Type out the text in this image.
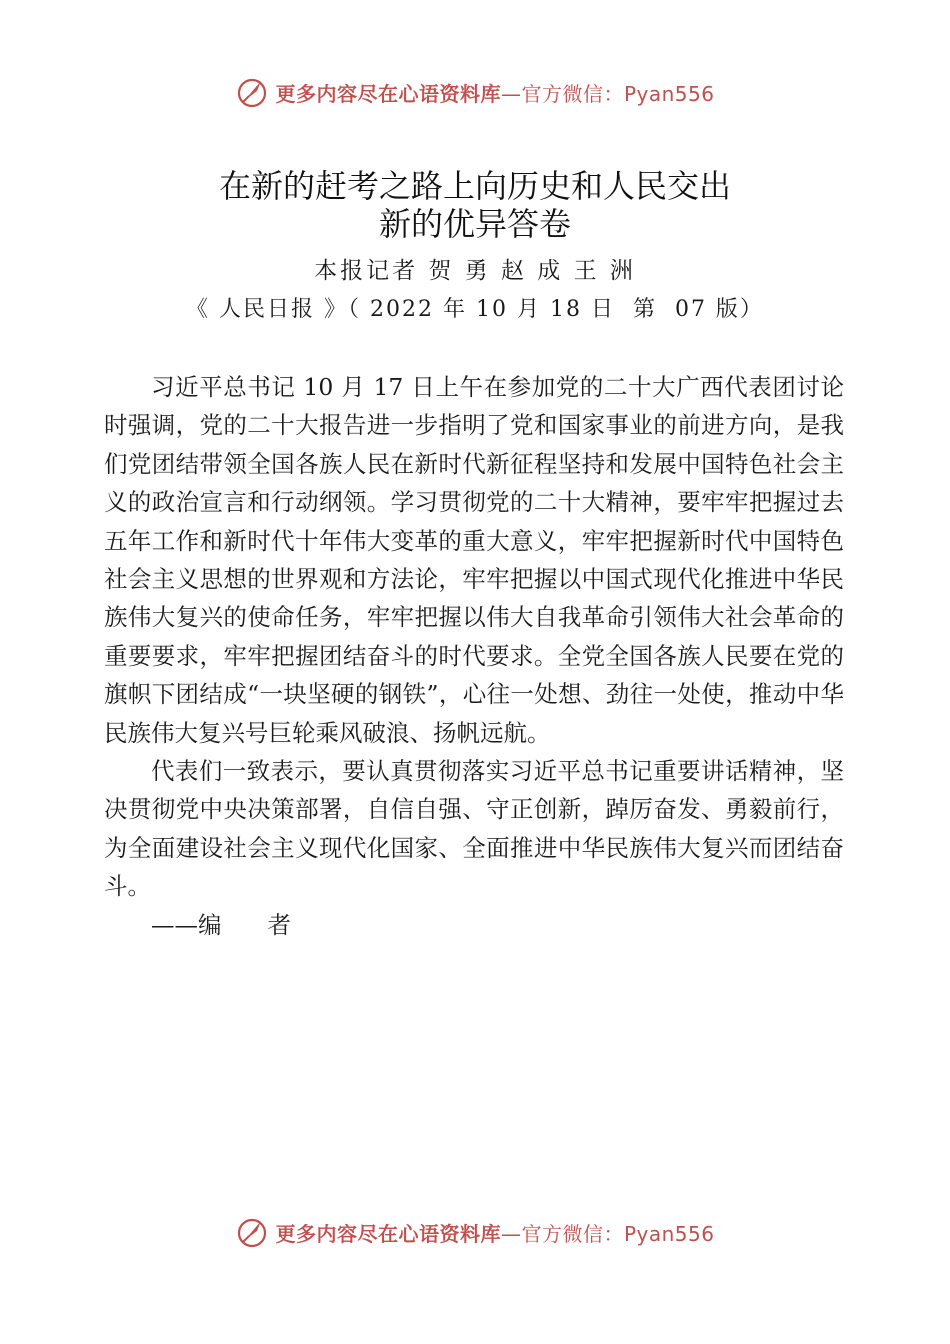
更多内容尽在心语资料库—官方微信：Pyan556
在新的赶考之路上向历史和人民交出
新的优异答卷
本报记者 贺 勇 赵 成 王 洲
《 人民日报 》（ 2022 年 10 月 18 日  第  07 版）

习近平总书记 10 月 17 日上午在参加党的二十大广西代表团讨论时强调，党的二十大报告进一步指明了党和国家事业的前进方向，是我们党团结带领全国各族人民在新时代新征程坚持和发展中国特色社会主义的政治宣言和行动纲领。学习贯彻党的二十大精神，要牢牢把握过去五年工作和新时代十年伟大变革的重大意义，牢牢把握新时代中国特色社会主义思想的世界观和方法论，牢牢把握以中国式现代化推进中华民族伟大复兴的使命任务，牢牢把握以伟大自我革命引领伟大社会革命的重要要求，牢牢把握团结奋斗的时代要求。全党全国各族人民要在党的旗帜下团结成“一块坚硬的钢铁”，心往一处想、劲往一处使，推动中华民族伟大复兴号巨轮乘风破浪、扬帆远航。

代表们一致表示，要认真贯彻落实习近平总书记重要讲话精神，坚决贯彻党中央决策部署，自信自强、守正创新，踔厉奋发、勇毅前行，为全面建设社会主义现代化国家、全面推进中华民族伟大复兴而团结奋斗。

——编 者

更多内容尽在心语资料库—官方微信：Pyan556
